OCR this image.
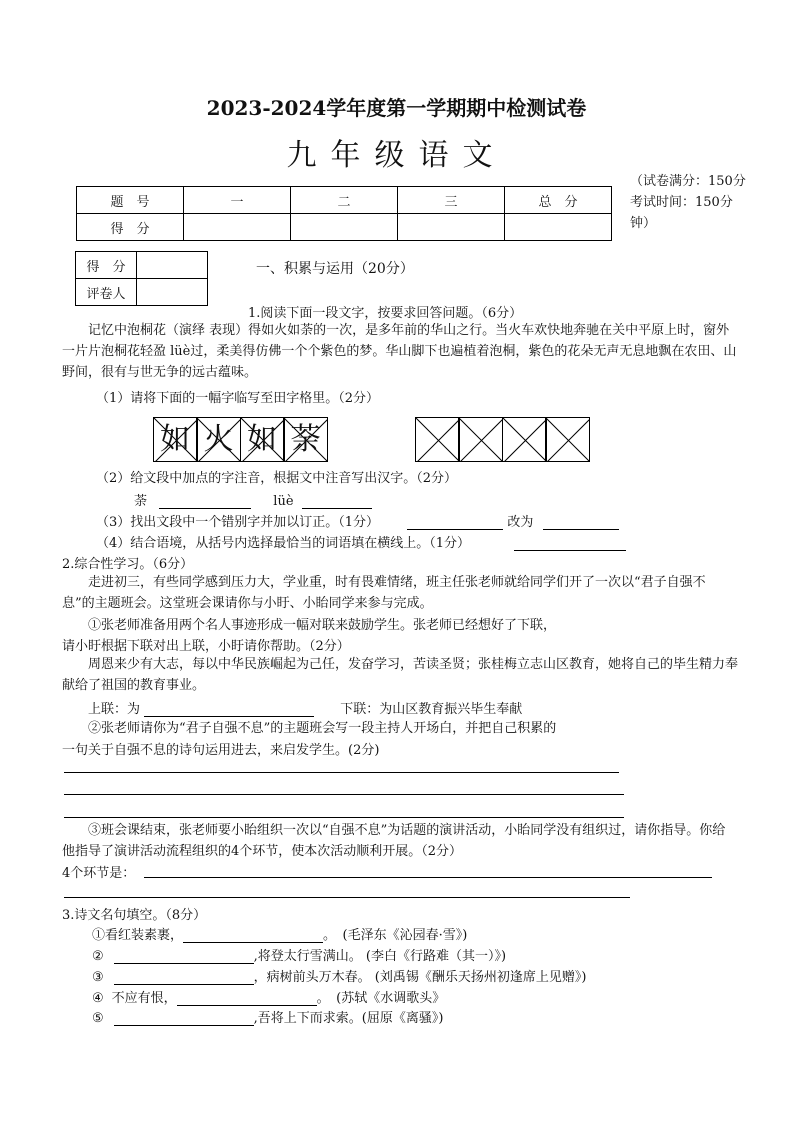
2023-2024学年度第一学期期中检测试卷
九年级语文
（试卷满分：150分 考试时间：150分钟）
题　号	一	二	三	总　分
得　分				
得　分	
评卷人	
一、积累与运用（20分）

1.阅读下面一段文字，按要求回答问题。（6分）

记忆中泡桐花（演绎 表现）得如火如荼的一次，是多年前的华山之行。当火车欢快地奔驰在关中平原上时，窗外一片片泡桐花轻盈 lüè过，柔美得仿佛一个个紫色的梦。华山脚下也遍植着泡桐，紫色的花朵无声无息地飘在农田、山野间，很有与世无争的远古蕴味。

（1）请将下面的一幅字临写至田字格里。（2分）

如 火 如 荼

（2）给文段中加点的字注音，根据文中注音写出汉字。（2分）

荼	lüè

（3）找出文段中一个错别字并加以订正。（1分）	改为

（4）结合语境，从括号内选择最恰当的词语填在横线上。（1分）

2.综合性学习。（6分）

走进初三，有些同学感到压力大，学业重，时有畏难情绪，班主任张老师就给同学们开了一次以“君子自强不息”的主题班会。这堂班会课请你与小盱、小眙同学来参与完成。

①张老师准备用两个名人事迹形成一幅对联来鼓励学生。张老师已经想好了下联，

请小盱根据下联对出上联，小盱请你帮助。（2分）

周恩来少有大志，每以中华民族崛起为己任，发奋学习，苦读圣贤；张桂梅立志山区教育，她将自己的毕生精力奉献给了祖国的教育事业。

上联：为	下联：为山区教育振兴毕生奉献

②张老师请你为“君子自强不息”的主题班会写一段主持人开场白，并把自己积累的

一句关于自强不息的诗句运用进去，来启发学生。(2分)

③班会课结束，张老师要小眙组织一次以“自强不息”为话题的演讲活动，小眙同学没有组织过，请你指导。你给他指导了演讲活动流程组织的4个环节，使本次活动顺利开展。（2分）

4个环节是：

3.诗文名句填空。（8分）

①看红装素裹，	。　(毛泽东《沁园春·雪》)

②	,将登太行雪满山。 (李白《行路难（其一）》)

③	，病树前头万木春。 (刘禹锡《酬乐天扬州初逢席上见赠》)

④ 不应有恨，	。　(苏轼《水调歌头》

⑤	,吾将上下而求索。(屈原《离骚》)
